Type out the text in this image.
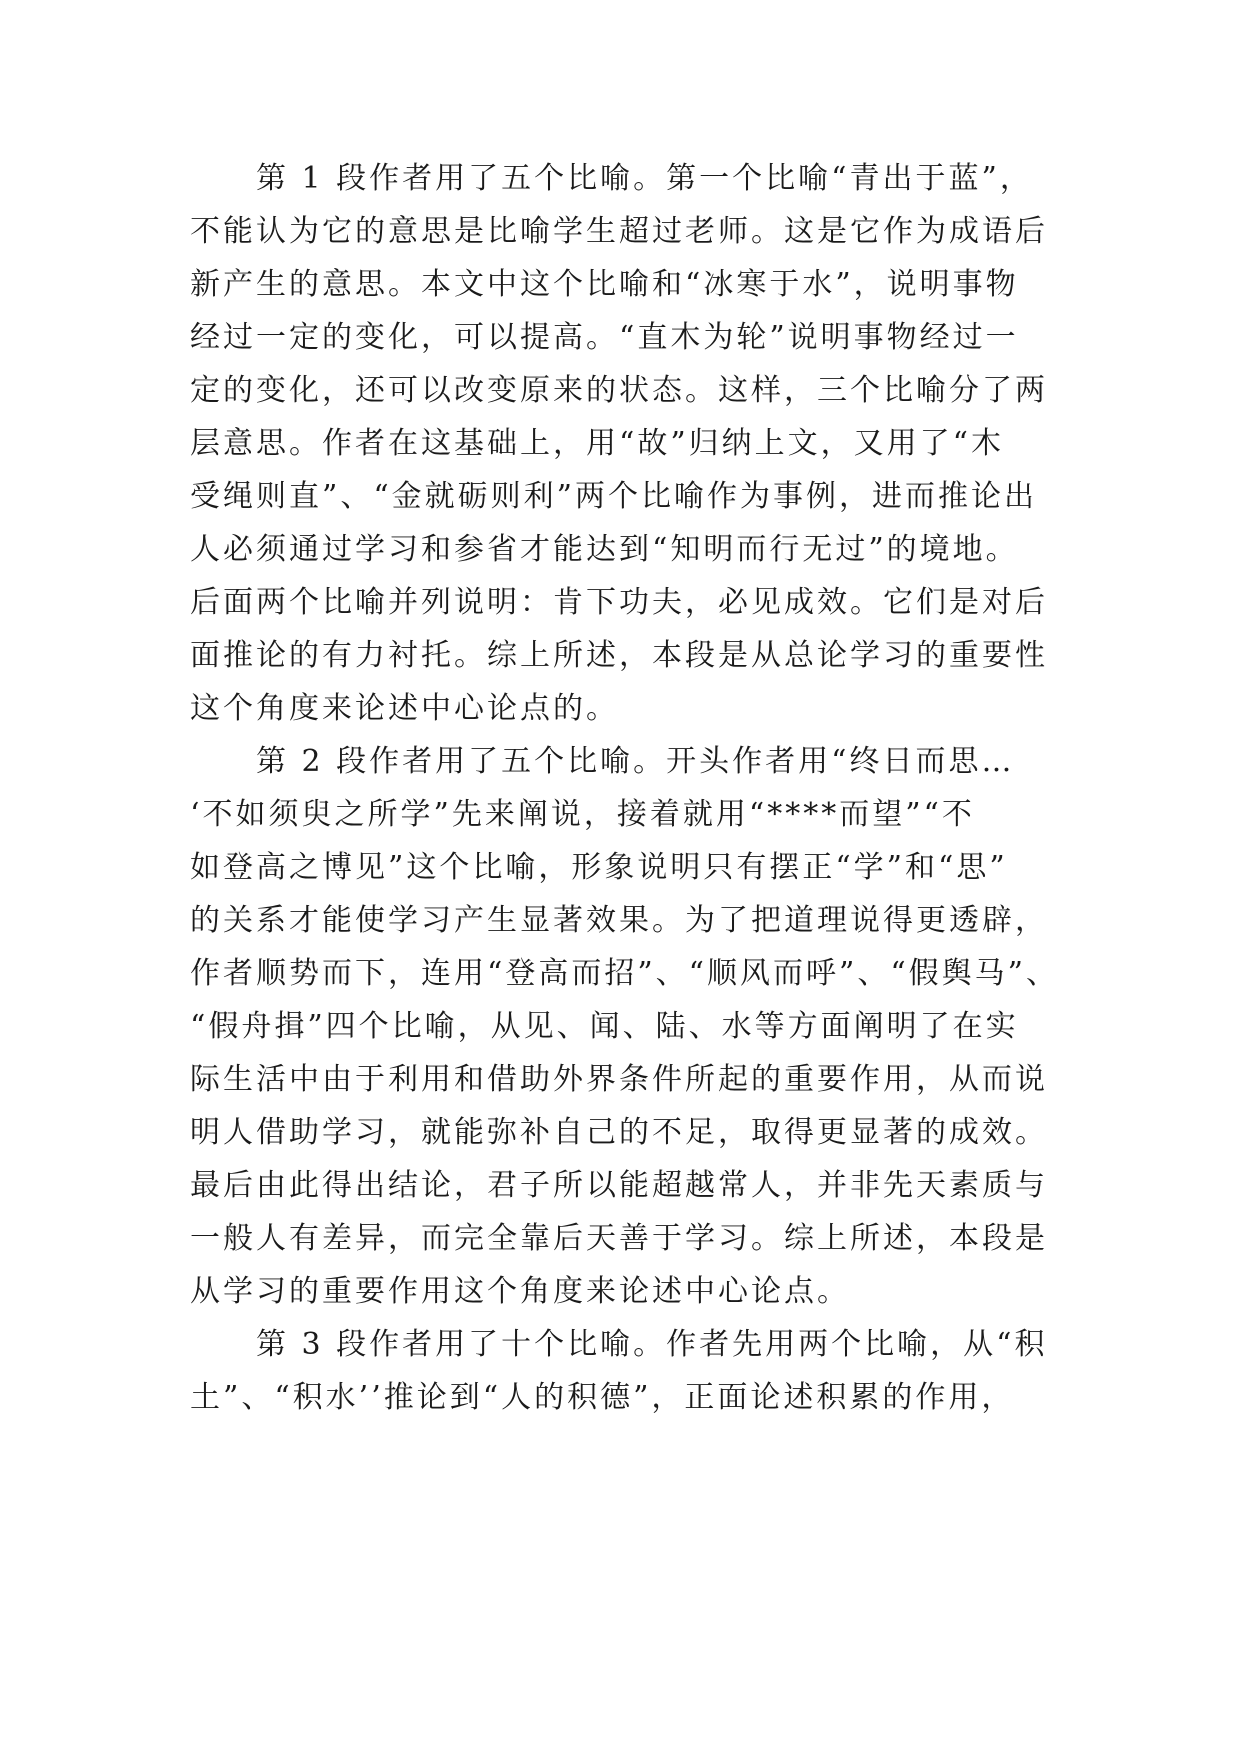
第 1 段作者用了五个比喻。第一个比喻“青出于蓝”，
不能认为它的意思是比喻学生超过老师。这是它作为成语后
新产生的意思。本文中这个比喻和“冰寒于水”，说明事物
经过一定的变化，可以提高。“直木为轮”说明事物经过一
定的变化，还可以改变原来的状态。这样，三个比喻分了两
层意思。作者在这基础上，用“故”归纳上文，又用了“木
受绳则直”、“金就砺则利”两个比喻作为事例，进而推论出
人必须通过学习和参省才能达到“知明而行无过”的境地。
后面两个比喻并列说明：肯下功夫，必见成效。它们是对后
面推论的有力衬托。综上所述，本段是从总论学习的重要性
这个角度来论述中心论点的。
第 2 段作者用了五个比喻。开头作者用“终日而思…
‘不如须臾之所学”先来阐说，接着就用“****而望”“不
如登高之博见”这个比喻，形象说明只有摆正“学”和“思”
的关系才能使学习产生显著效果。为了把道理说得更透辟，
作者顺势而下，连用“登高而招”、“顺风而呼”、“假舆马”、
“假舟揖”四个比喻，从见、闻、陆、水等方面阐明了在实
际生活中由于利用和借助外界条件所起的重要作用，从而说
明人借助学习，就能弥补自己的不足，取得更显著的成效。
最后由此得出结论，君子所以能超越常人，并非先天素质与
一般人有差异，而完全靠后天善于学习。综上所述，本段是
从学习的重要作用这个角度来论述中心论点。
第 3 段作者用了十个比喻。作者先用两个比喻，从“积
土”、“积水’’推论到“人的积德”，正面论述积累的作用，
